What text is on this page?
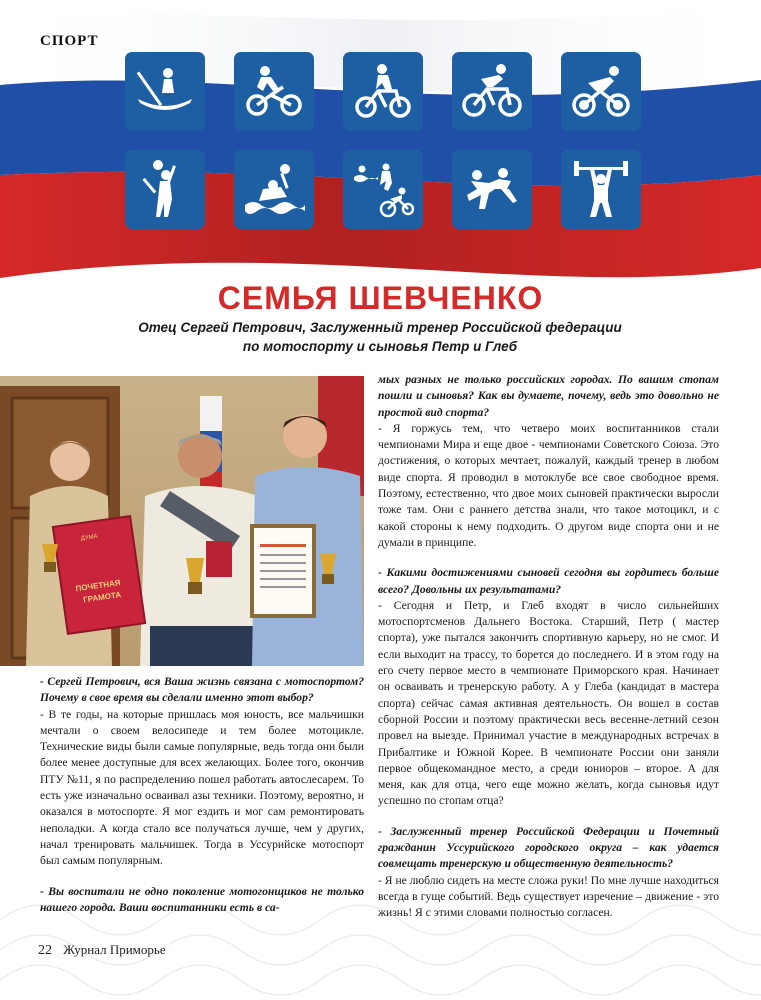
СПОРТ
СЕМЬЯ ШЕВЧЕНКО
Отец Сергей Петрович, Заслуженный тренер Российской федерации
по мотоспорту и сыновья Петр и Глеб
ДУМА
ПОЧЕТНАЯ
ГРАМОТА

- Сергей Петрович, вся Ваша жизнь связана с мотоспортом? Почему в свое время вы сделали именно этот выбор?

- В те годы, на которые пришлась моя юность, все мальчишки мечтали о своем велосипеде и тем более мотоцикле. Технические виды были самые популярные, ведь тогда они были более менее доступные для всех желающих. Более того, окончив ПТУ №11, я по распределению пошел работать автослесарем. То есть уже изначально осваивал азы техники. Поэтому, вероятно, и оказался в мотоспорте. Я мог ездить и мог сам ремонтировать неполадки. А когда стало все получаться лучше, чем у других, начал тренировать мальчишек. Тогда в Уссурийске мотоспорт был самым популярным.

- Вы воспитали не одно поколение мотогонщиков не только нашего города. Ваши воспитанники есть в са-

мых разных не только российских городах. По вашим стопам пошли и сыновья? Как вы думаете, почему, ведь это довольно не простой вид спорта?

- Я горжусь тем, что четверо моих воспитанников стали чемпионами Мира и еще двое - чемпионами Советского Союза. Это достижения, о которых мечтает, пожалуй, каждый тренер в любом виде спорта. Я проводил в мотоклубе все свое свободное время. Поэтому, естественно, что двое моих сыновей практически выросли тоже там. Они с раннего детства знали, что такое мотоцикл, и с какой стороны к нему подходить. О другом виде спорта они и не думали в принципе.

- Какими достижениями сыновей сегодня вы гордитесь больше всего? Довольны их результатами?

- Сегодня и Петр, и Глеб входят в число сильнейших мотоспортсменов Дальнего Востока. Старший, Петр ( мастер спорта), уже пытался закончить спортивную карьеру, но не смог. И если выходит на трассу, то борется до последнего. И в этом году на его счету первое место в чемпионате Приморского края. Начинает он осваивать и тренерскую работу. А у Глеба (кандидат в мастера спорта) сейчас самая активная деятельность. Он вошел в состав сборной России и поэтому практически весь весенне-летний сезон провел на выезде. Принимал участие в международных встречах в Прибалтике и Южной Корее. В чемпионате России они заняли первое общекомандное место, а среди юниоров – второе. А для меня, как для отца, чего еще можно желать, когда сыновья идут успешно по стопам отца?

- Заслуженный тренер Российской Федерации и Почетный гражданин Уссурийского городского округа – как удается совмещать тренерскую и общественную деятельность?

- Я не люблю сидеть на месте сложа руки! По мне лучше находиться всегда в гуще событий. Ведь существует изречение – движение - это жизнь! Я с этими словами полностью согласен.

22 Журнал Приморье
